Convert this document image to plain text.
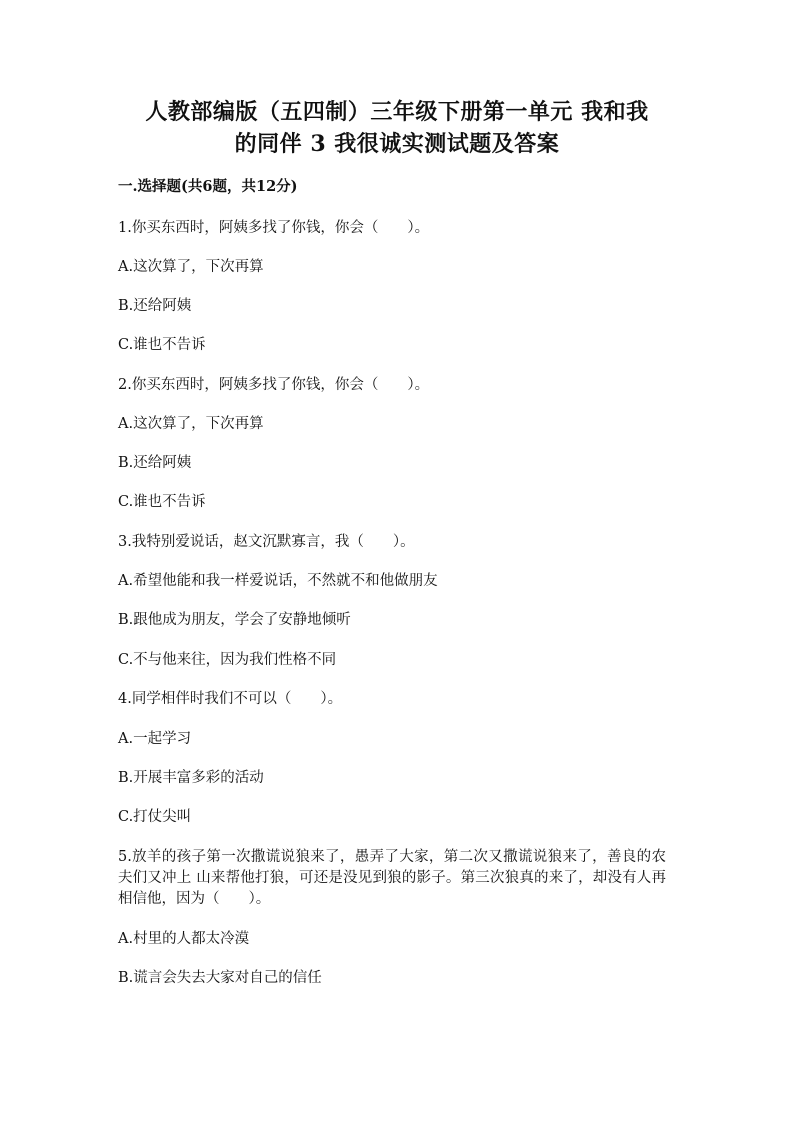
人教部编版（五四制）三年级下册第一单元 我和我
的同伴 3 我很诚实测试题及答案

一.选择题(共6题，共12分)

1.你买东西时，阿姨多找了你钱，你会（　　）。

A.这次算了，下次再算

B.还给阿姨

C.谁也不告诉

2.你买东西时，阿姨多找了你钱，你会（　　）。

A.这次算了，下次再算

B.还给阿姨

C.谁也不告诉

3.我特别爱说话，赵文沉默寡言，我（　　）。

A.希望他能和我一样爱说话，不然就不和他做朋友

B.跟他成为朋友，学会了安静地倾听

C.不与他来往，因为我们性格不同

4.同学相伴时我们不可以（　　）。

A.一起学习

B.开展丰富多彩的活动

C.打仗尖叫

5.放羊的孩子第一次撒谎说狼来了，愚弄了大家，第二次又撒谎说狼来了，善良的农夫们又冲上 山来帮他打狼，可还是没见到狼的影子。第三次狼真的来了，却没有人再相信他，因为（　　）。

A.村里的人都太冷漠

B.谎言会失去大家对自己的信任
